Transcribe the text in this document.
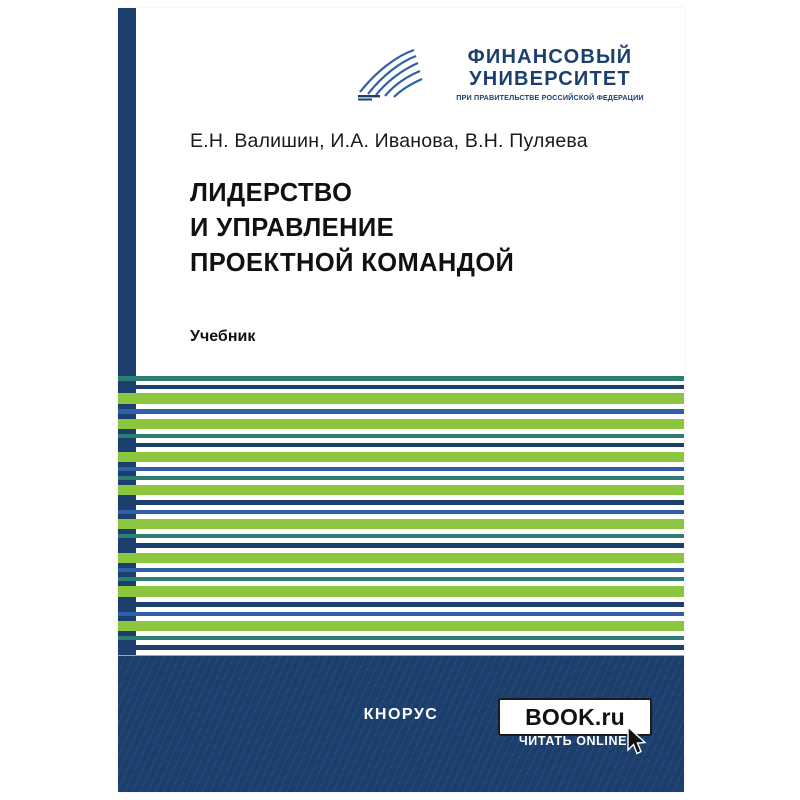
ФИНАНСОВЫЙ
УНИВЕРСИТЕТ
ПРИ ПРАВИТЕЛЬСТВЕ РОССИЙСКОЙ ФЕДЕРАЦИИ
Е.Н. Валишин, И.А. Иванова, В.Н. Пуляева
ЛИДЕРСТВО
И УПРАВЛЕНИЕ
ПРОЕКТНОЙ КОМАНДОЙ
Учебник
КНОРУС	BOOK.ru
ЧИТАТЬ ONLINE
